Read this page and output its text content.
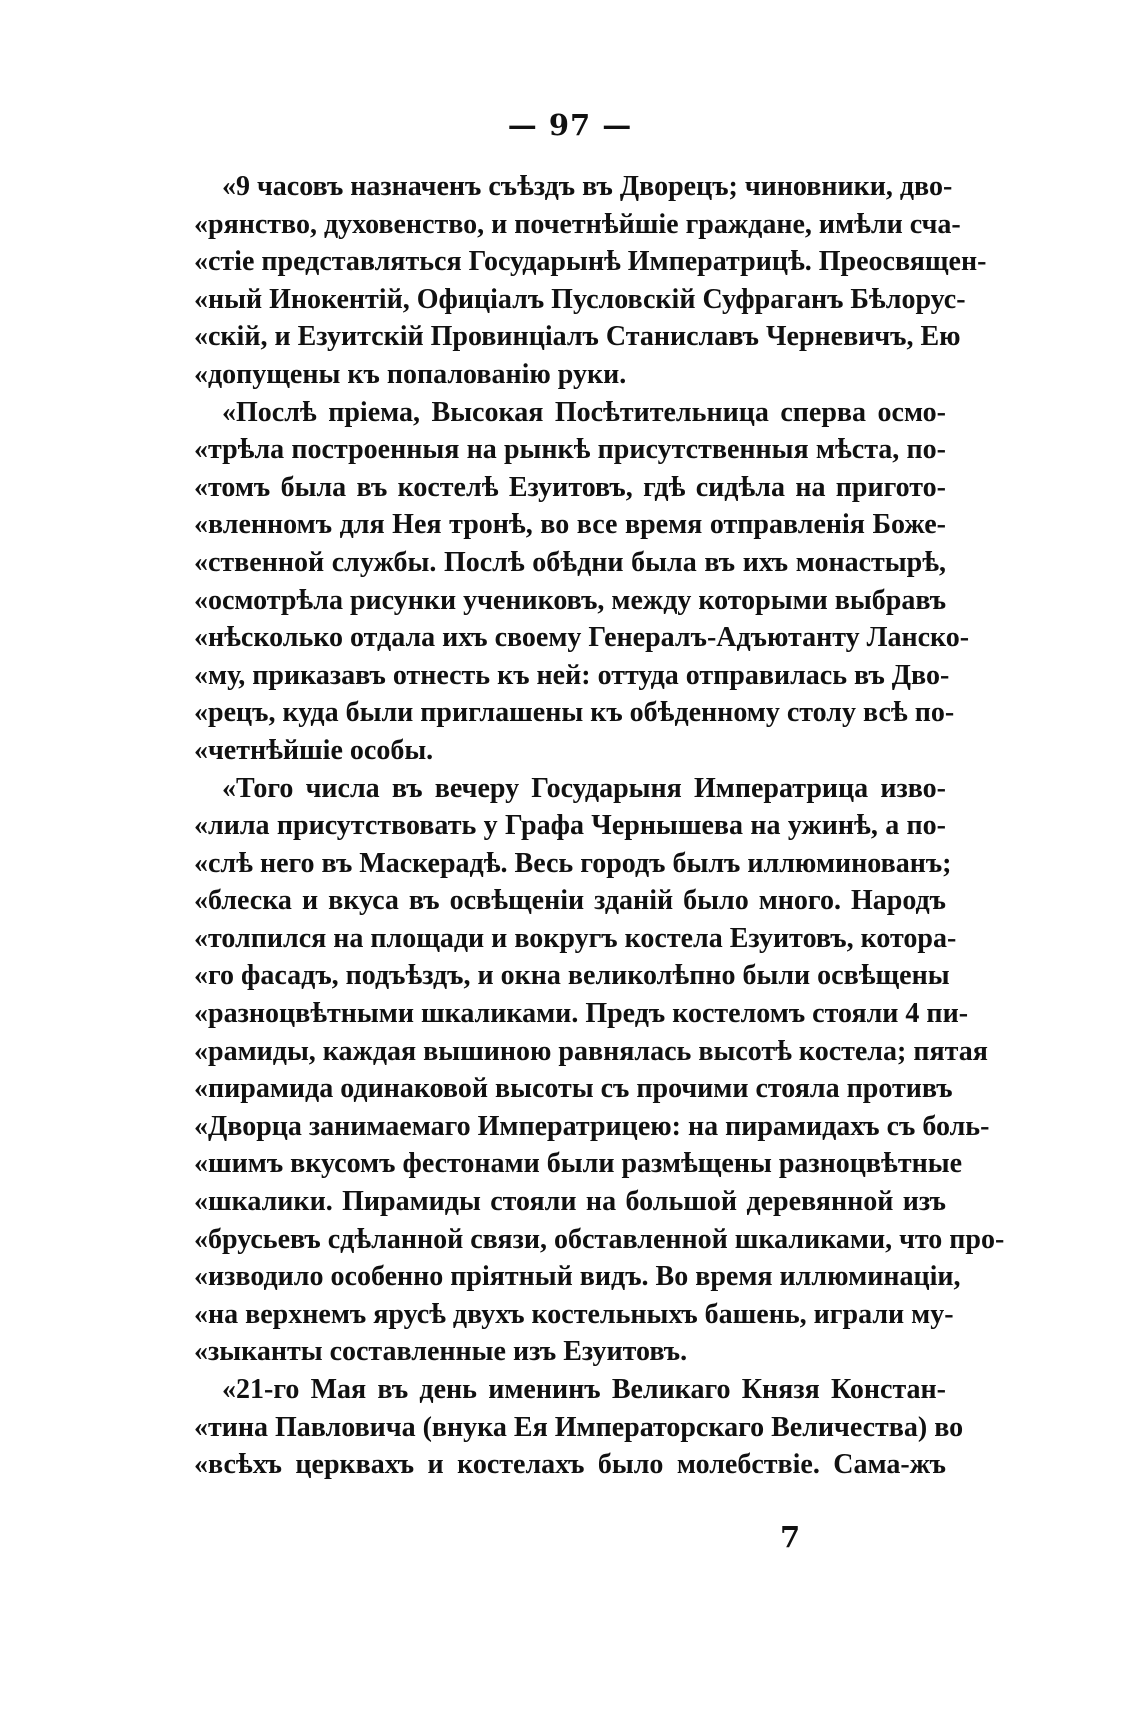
— 97 —
«9 часовъ назначенъ съѣздъ въ Дворецъ; чиновники, дво-
«рянство, духовенство, и почетнѣйшіе граждане, имѣли сча-
«стіе представляться Государынѣ Императрицѣ. Преосвящен-
«ный Инокентій, Офиціалъ Пусловскій Суфраганъ Бѣлорус-
«скій, и Езуитскій Провинціалъ Станиславъ Черневичъ, Ею
«допущены къ попалованію руки.
«Послѣ пріема, Высокая Посѣтительница сперва осмо-
«трѣла построенныя на рынкѣ присутственныя мѣста, по-
«томъ была въ костелѣ Езуитовъ, гдѣ сидѣла на пригото-
«вленномъ для Нея тронѣ, во все время отправленія Боже-
«ственной службы. Послѣ обѣдни была въ ихъ монастырѣ,
«осмотрѣла рисунки учениковъ, между которыми выбравъ
«нѣсколько отдала ихъ своему Генералъ-Адъютанту Ланско-
«му, приказавъ отнесть къ ней: оттуда отправилась въ Дво-
«рецъ, куда были приглашены къ обѣденному столу всѣ по-
«четнѣйшіе особы.
«Того числа въ вечеру Государыня Императрица изво-
«лила присутствовать у Графа Чернышева на ужинѣ, а по-
«слѣ него въ Маскерадѣ. Весь городъ былъ иллюминованъ;
«блеска и вкуса въ освѣщеніи зданій было много. Народъ
«толпился на площади и вокругъ костела Езуитовъ, котора-
«го фасадъ, подъѣздъ, и окна великолѣпно были освѣщены
«разноцвѣтными шкаликами. Предъ костеломъ стояли 4 пи-
«рамиды, каждая вышиною равнялась высотѣ костела; пятая
«пирамида одинаковой высоты съ прочими стояла противъ
«Дворца занимаемаго Императрицею: на пирамидахъ съ боль-
«шимъ вкусомъ фестонами были размѣщены разноцвѣтные
«шкалики. Пирамиды стояли на большой деревянной изъ
«брусьевъ сдѣланной связи, обставленной шкаликами, что про-
«изводило особенно пріятный видъ. Во время иллюминаціи,
«на верхнемъ ярусѣ двухъ костельныхъ башень, играли му-
«зыканты составленные изъ Езуитовъ.
«21-го Мая въ день именинъ Великаго Князя Констан-
«тина Павловича (внука Ея Императорскаго Величества) во
«всѣхъ церквахъ и костелахъ было молебствіе. Сама-жъ
7
